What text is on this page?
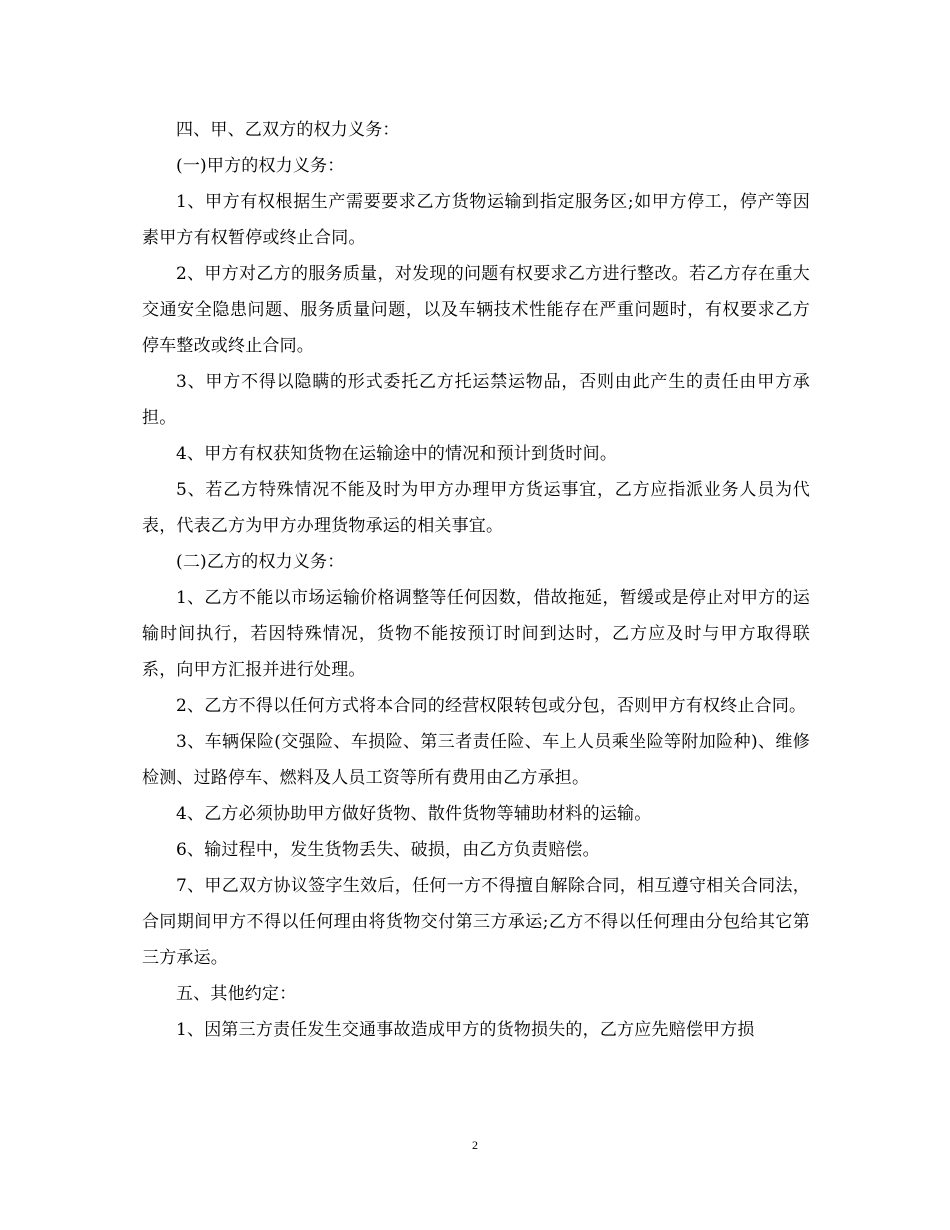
四、甲、乙双方的权力义务：

(一)甲方的权力义务：

1、甲方有权根据生产需要要求乙方货物运输到指定服务区;如甲方停工，停产等因素甲方有权暂停或终止合同。

2、甲方对乙方的服务质量，对发现的问题有权要求乙方进行整改。若乙方存在重大交通安全隐患问题、服务质量问题，以及车辆技术性能存在严重问题时，有权要求乙方停车整改或终止合同。

3、甲方不得以隐瞒的形式委托乙方托运禁运物品，否则由此产生的责任由甲方承担。

4、甲方有权获知货物在运输途中的情况和预计到货时间。

5、若乙方特殊情况不能及时为甲方办理甲方货运事宜，乙方应指派业务人员为代表，代表乙方为甲方办理货物承运的相关事宜。

(二)乙方的权力义务：

1、乙方不能以市场运输价格调整等任何因数，借故拖延，暂缓或是停止对甲方的运输时间执行，若因特殊情况，货物不能按预订时间到达时，乙方应及时与甲方取得联系，向甲方汇报并进行处理。

2、乙方不得以任何方式将本合同的经营权限转包或分包，否则甲方有权终止合同。

3、车辆保险(交强险、车损险、第三者责任险、车上人员乘坐险等附加险种)、维修检测、过路停车、燃料及人员工资等所有费用由乙方承担。

4、乙方必须协助甲方做好货物、散件货物等辅助材料的运输。

6、输过程中，发生货物丢失、破损，由乙方负责赔偿。

7、甲乙双方协议签字生效后，任何一方不得擅自解除合同，相互遵守相关合同法，合同期间甲方不得以任何理由将货物交付第三方承运;乙方不得以任何理由分包给其它第三方承运。

五、其他约定：

1、因第三方责任发生交通事故造成甲方的货物损失的，乙方应先赔偿甲方损

2
